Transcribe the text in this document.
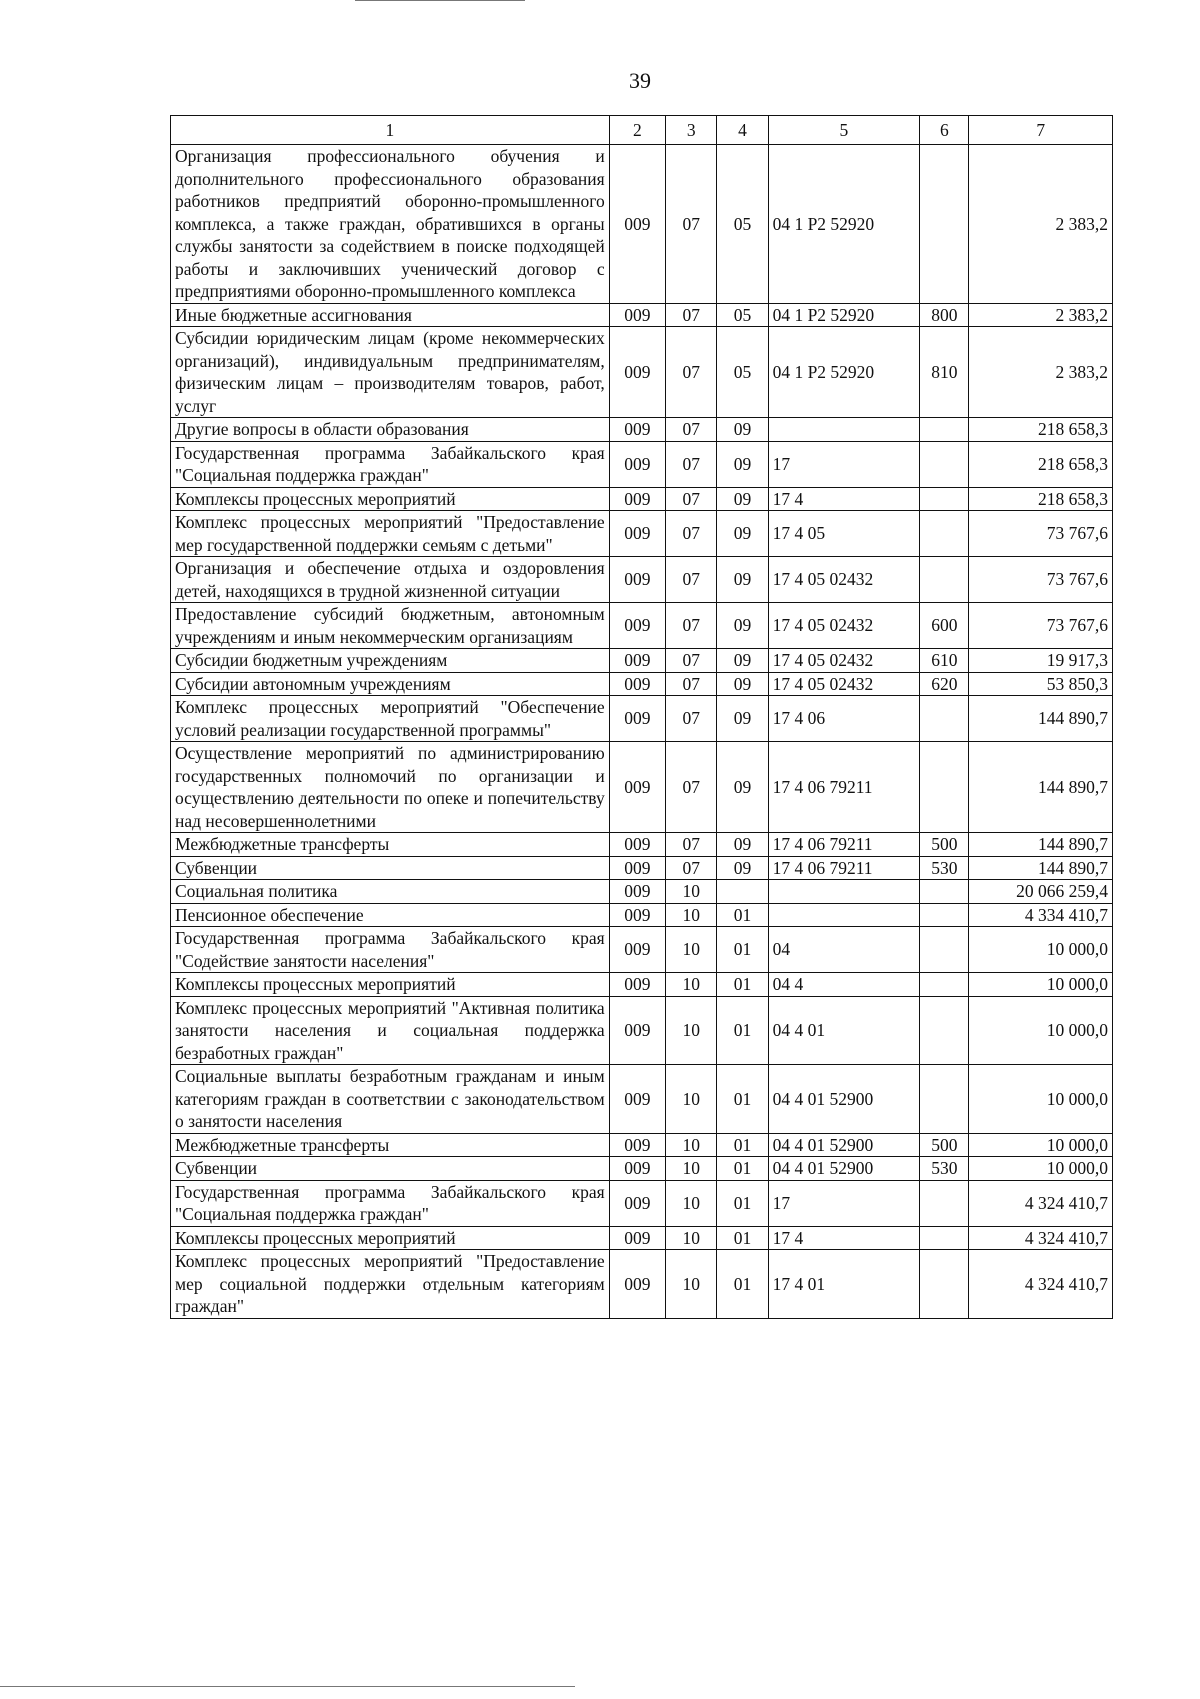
39
1	2	3	4	5	6	7
Организация профессионального обучения и дополнительного профессионального образования работников предприятий оборонно-промышленного комплекса, а также граждан, обратившихся в органы службы занятости за содействием в поиске подходящей работы и заключивших ученический договор с предприятиями оборонно-промышленного комплекса	009	07	05	04 1 P2 52920		2 383,2
Иные бюджетные ассигнования	009	07	05	04 1 P2 52920	800	2 383,2
Субсидии юридическим лицам (кроме некоммерческих организаций), индивидуальным предпринимателям, физическим лицам – производителям товаров, работ, услуг	009	07	05	04 1 P2 52920	810	2 383,2
Другие вопросы в области образования	009	07	09			218 658,3
Государственная программа Забайкальского края "Социальная поддержка граждан"	009	07	09	17		218 658,3
Комплексы процессных мероприятий	009	07	09	17 4		218 658,3
Комплекс процессных мероприятий "Предоставление мер государственной поддержки семьям с детьми"	009	07	09	17 4 05		73 767,6
Организация и обеспечение отдыха и оздоровления детей, находящихся в трудной жизненной ситуации	009	07	09	17 4 05 02432		73 767,6
Предоставление субсидий бюджетным, автономным учреждениям и иным некоммерческим организациям	009	07	09	17 4 05 02432	600	73 767,6
Субсидии бюджетным учреждениям	009	07	09	17 4 05 02432	610	19 917,3
Субсидии автономным учреждениям	009	07	09	17 4 05 02432	620	53 850,3
Комплекс процессных мероприятий "Обеспечение условий реализации государственной программы"	009	07	09	17 4 06		144 890,7
Осуществление мероприятий по администрированию государственных полномочий по организации и осуществлению деятельности по опеке и попечительству над несовершеннолетними	009	07	09	17 4 06 79211		144 890,7
Межбюджетные трансферты	009	07	09	17 4 06 79211	500	144 890,7
Субвенции	009	07	09	17 4 06 79211	530	144 890,7
Социальная политика	009	10				20 066 259,4
Пенсионное обеспечение	009	10	01			4 334 410,7
Государственная программа Забайкальского края "Содействие занятости населения"	009	10	01	04		10 000,0
Комплексы процессных мероприятий	009	10	01	04 4		10 000,0
Комплекс процессных мероприятий "Активная политика занятости населения и социальная поддержка безработных граждан"	009	10	01	04 4 01		10 000,0
Социальные выплаты безработным гражданам и иным категориям граждан в соответствии с законодательством о занятости населения	009	10	01	04 4 01 52900		10 000,0
Межбюджетные трансферты	009	10	01	04 4 01 52900	500	10 000,0
Субвенции	009	10	01	04 4 01 52900	530	10 000,0
Государственная программа Забайкальского края "Социальная поддержка граждан"	009	10	01	17		4 324 410,7
Комплексы процессных мероприятий	009	10	01	17 4		4 324 410,7
Комплекс процессных мероприятий "Предоставление мер социальной поддержки отдельным категориям граждан"	009	10	01	17 4 01		4 324 410,7
